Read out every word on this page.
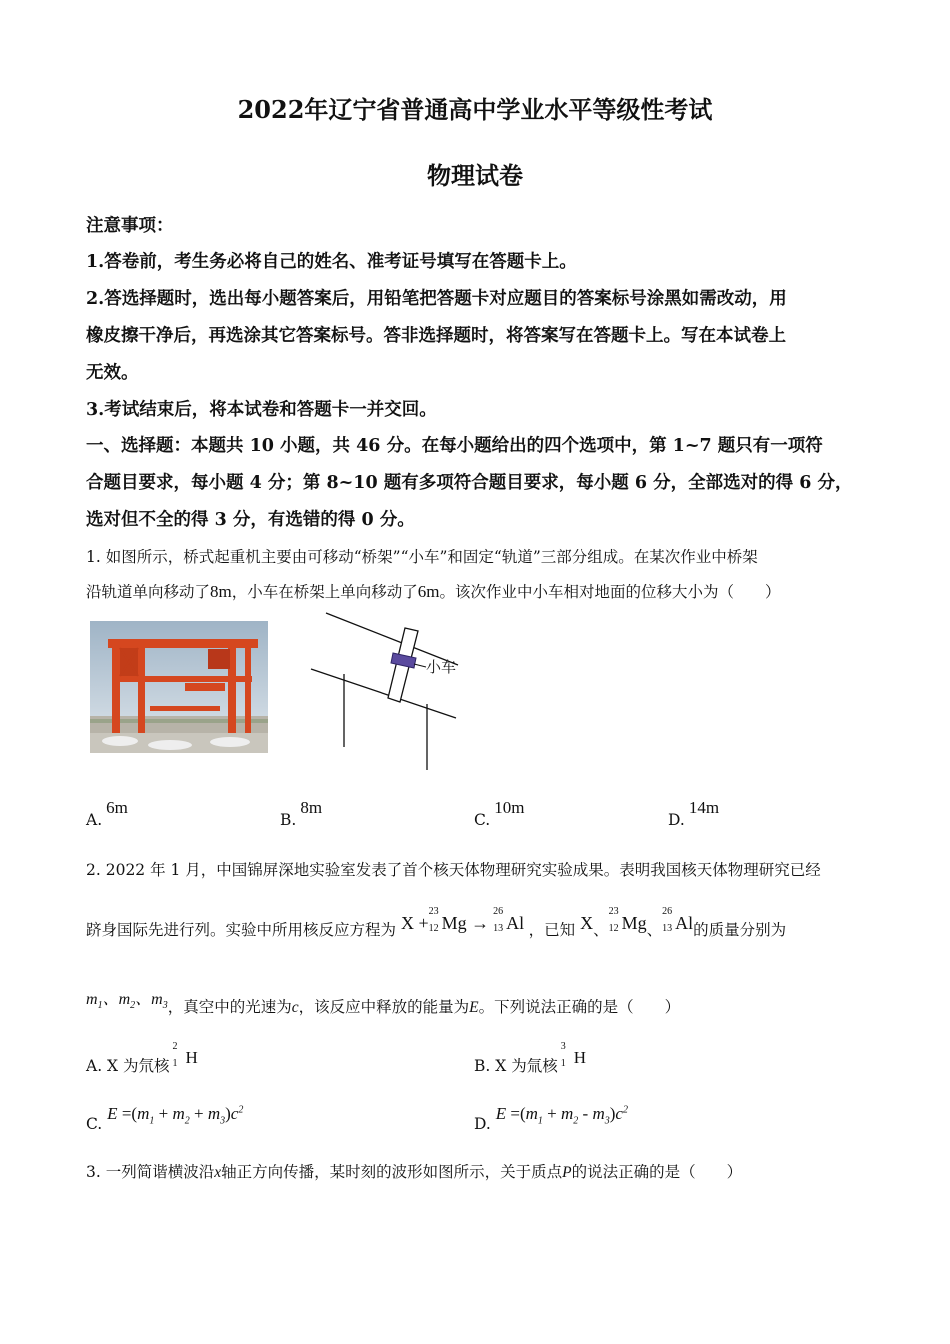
2022年辽宁省普通高中学业水平等级性考试
物理试卷
注意事项：
1.答卷前，考生务必将自己的姓名、准考证号填写在答题卡上。
2.答选择题时，选出每小题答案后，用铅笔把答题卡对应题目的答案标号涂黑如需改动，用
橡皮擦干净后，再选涂其它答案标号。答非选择题时，将答案写在答题卡上。写在本试卷上
无效。
3.考试结束后，将本试卷和答题卡一并交回。
一、选择题：本题共 10 小题，共 46 分。在每小题给出的四个选项中，第 1~7 题只有一项符
合题目要求，每小题 4 分；第 8~10 题有多项符合题目要求，每小题 6 分，全部选对的得 6 分，
选对但不全的得 3 分，有选错的得 0 分。
1. 如图所示，桥式起重机主要由可移动“桥架”“小车”和固定“轨道”三部分组成。在某次作业中桥架
沿轨道单向移动了8m，小车在桥架上单向移动了6m。该次作业中小车相对地面的位移大小为（　　）
小车
A.6m
B.8m
C.10m
D.14m
2. 2022 年 1 月，中国锦屏深地实验室发表了首个核天体物理研究实验成果。表明我国核天体物理研究已经
跻身国际先进行列。实验中所用核反应方程为 X +
23
12 Mg →
26
13 Al ，已知 X、
23
12 Mg、
26
13 Al的质量分别为
$m_1$、$m_2$、$m_3$，真空中的光速为c，该反应中释放的能量为E。下列说法正确的是（　　）
A. X 为氘核
2
1 H	B. X 为氚核
3
1 H
C. $E =(m_1 + m_2 + m_3)c^2$
D. $E =(m_1 + m_2 - m_3)c^2$
3. 一列简谐横波沿x轴正方向传播，某时刻的波形如图所示，关于质点P的说法正确的是（　　）
